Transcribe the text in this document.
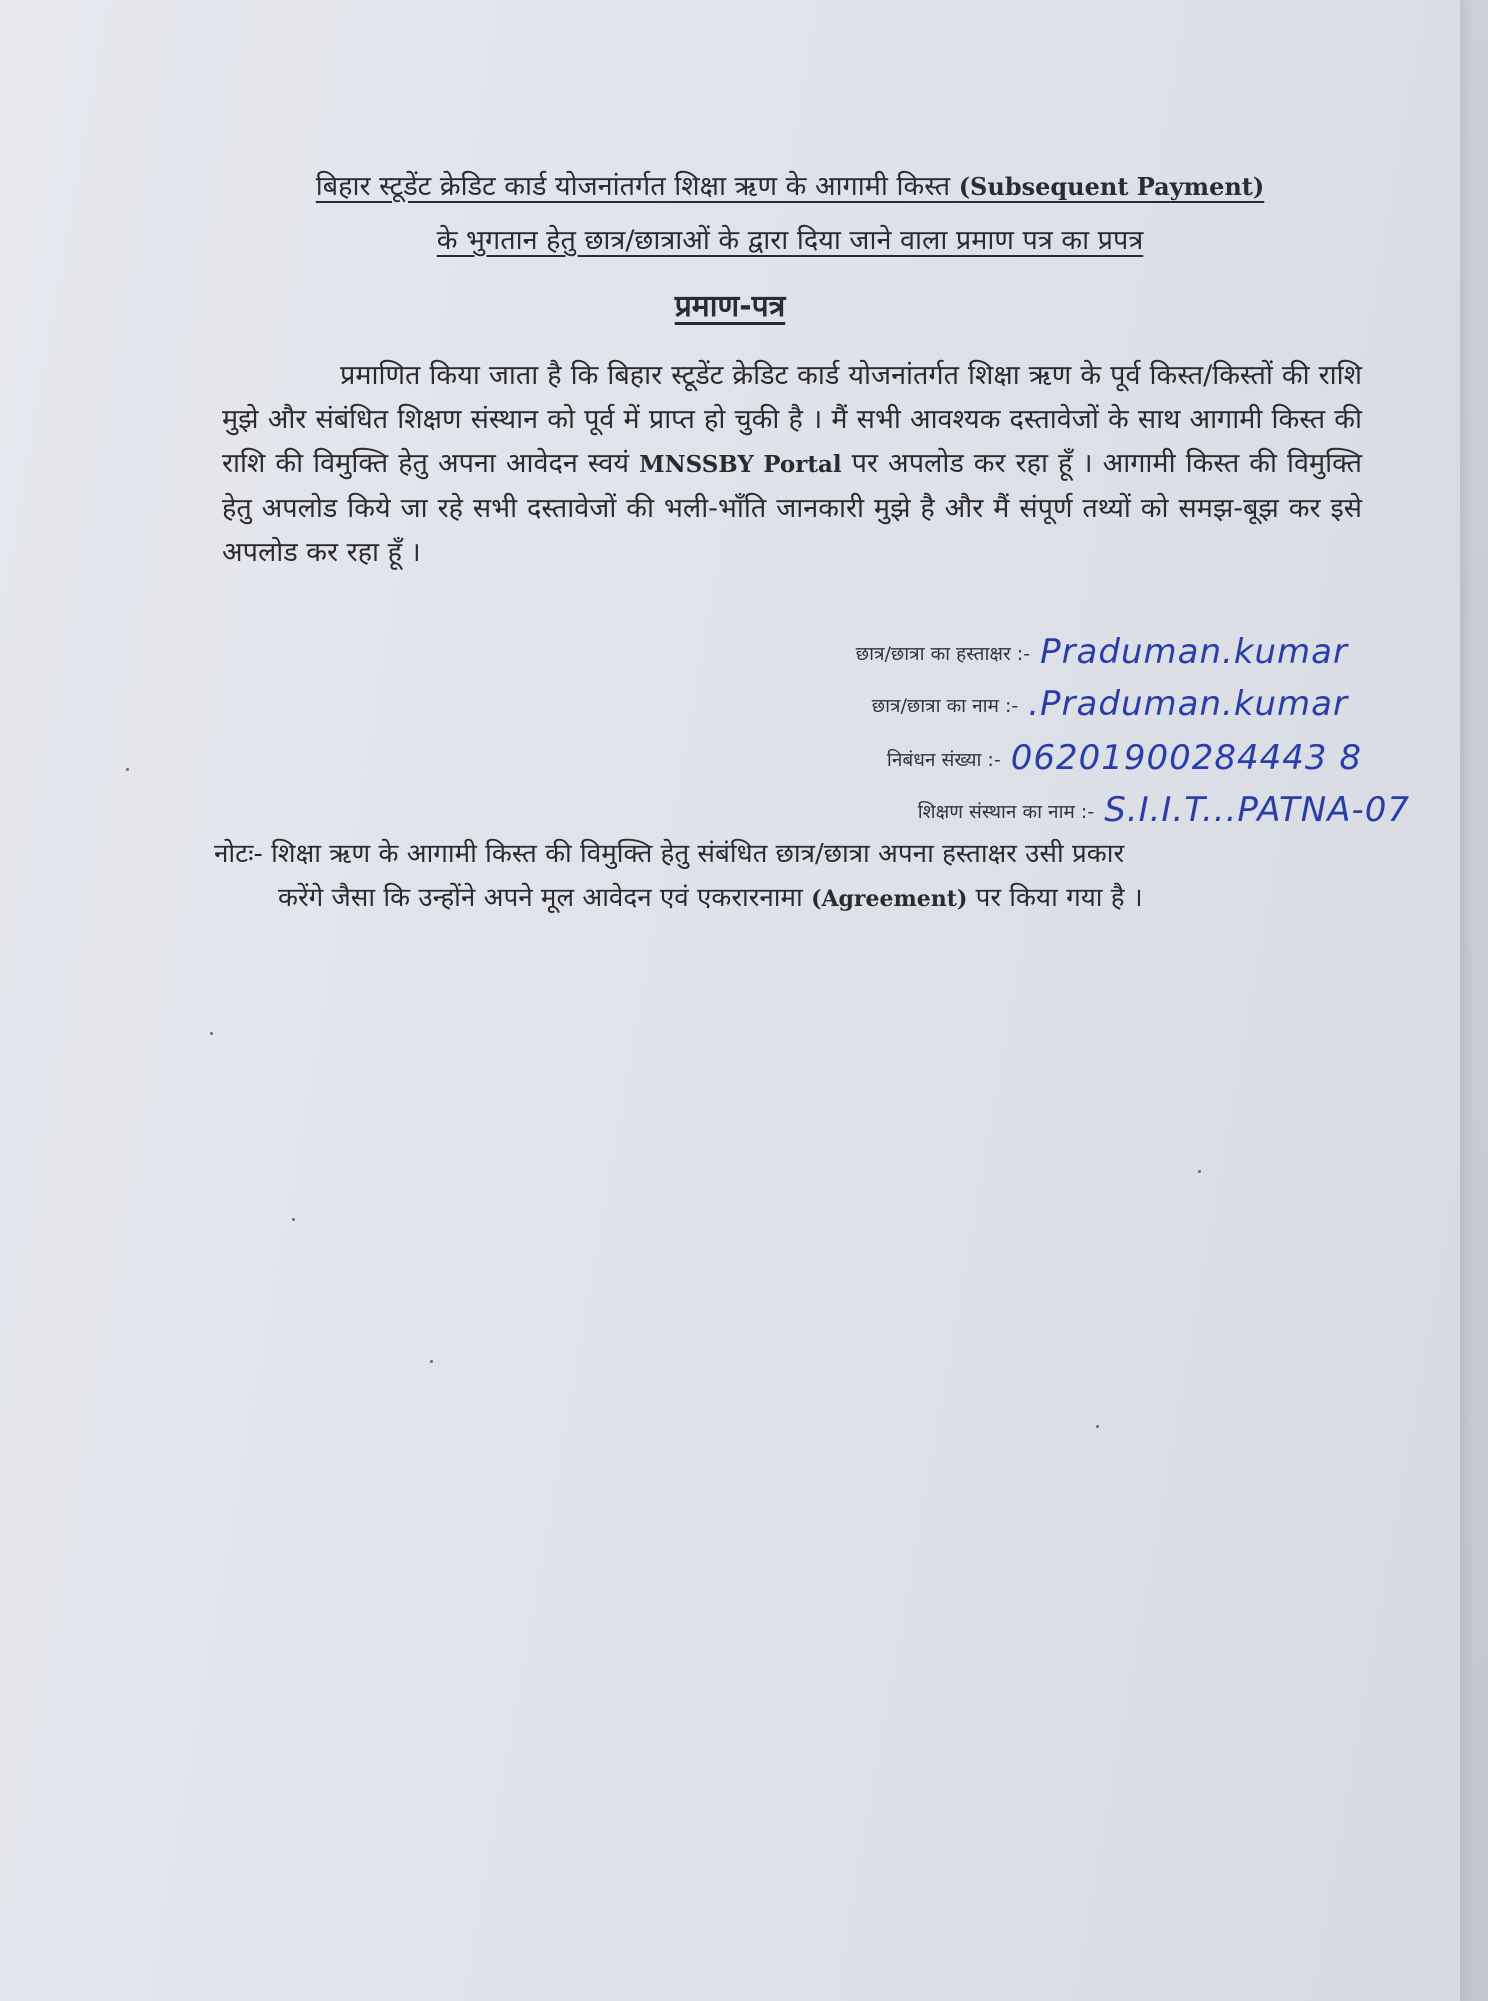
बिहार स्टूडेंट क्रेडिट कार्ड योजनांतर्गत शिक्षा ऋण के आगामी किस्त (Subsequent Payment)
के भुगतान हेतु छात्र/छात्राओं के द्वारा दिया जाने वाला प्रमाण पत्र का प्रपत्र
प्रमाण-पत्र
प्रमाणित किया जाता है कि बिहार स्टूडेंट क्रेडिट कार्ड योजनांतर्गत शिक्षा ऋण के पूर्व किस्त/किस्तों की राशि मुझे और संबंधित शिक्षण संस्थान को पूर्व में प्राप्त हो चुकी है । मैं सभी आवश्यक दस्तावेजों के साथ आगामी किस्त की राशि की विमुक्ति हेतु अपना आवेदन स्वयं MNSSBY Portal पर अपलोड कर रहा हूँ । आगामी किस्त की विमुक्ति हेतु अपलोड किये जा रहे सभी दस्तावेजों की भली-भाँति जानकारी मुझे है और मैं संपूर्ण तथ्यों को समझ-बूझ कर इसे अपलोड कर रहा हूँ ।
छात्र/छात्रा का हस्ताक्षर :- Praduman.kumar
छात्र/छात्रा का नाम :- .Praduman.kumar
निबंधन संख्या :- 06201900284443 8
शिक्षण संस्थान का नाम :- S.I.I.T...PATNA-07
नोटः- शिक्षा ऋण के आगामी किस्त की विमुक्ति हेतु संबंधित छात्र/छात्रा अपना हस्ताक्षर उसी प्रकार
करेंगे जैसा कि उन्होंने अपने मूल आवेदन एवं एकरारनामा (Agreement) पर किया गया है ।
